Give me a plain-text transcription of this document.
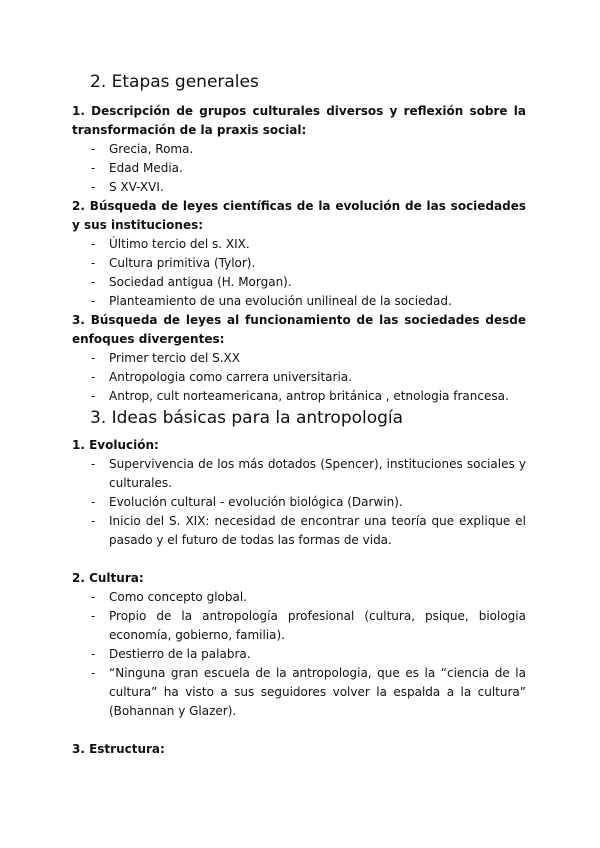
2. Etapas generales

1. Descripción de grupos culturales diversos y reflexión sobre la transformación de la praxis social:

- Grecia, Roma.
- Edad Media.
- S XV-XVI.

2. Búsqueda de leyes científicas de la evolución de las sociedades y sus instituciones:

- Último tercio del s. XIX.
- Cultura primitiva (Tylor).
- Sociedad antigua (H. Morgan).
- Planteamiento de una evolución unilineal de la sociedad.

3. Búsqueda de leyes al funcionamiento de las sociedades desde enfoques divergentes:

- Primer tercio del S.XX
- Antropologia como carrera universitaria.
- Antrop, cult norteamericana, antrop británica , etnologia francesa.
3. Ideas básicas para la antropología

1. Evolución:

- Supervivencia de los más dotados (Spencer), instituciones sociales y culturales.
- Evolución cultural - evolución biológica (Darwin).
- Inicio del S. XIX: necesidad de encontrar una teoría que explique el pasado y el futuro de todas las formas de vida.

2. Cultura:

- Como concepto global.
- Propio de la antropología profesional (cultura, psique, biologia economía, gobierno, familia).
- Destierro de la palabra.
- “Ninguna gran escuela de la antropologia, que es la “ciencia de la cultura” ha visto a sus seguidores volver la espalda a la cultura” (Bohannan y Glazer).

3. Estructura:
